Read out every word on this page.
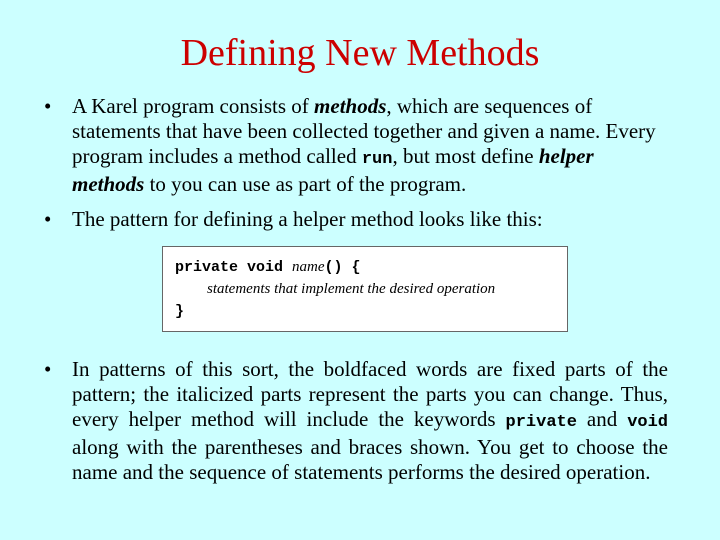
Defining New Methods
• A Karel program consists of methods, which are sequences of statements that have been collected together and given a name. Every program includes a method called run, but most define helper methods to you can use as part of the program.
• The pattern for defining a helper method looks like this:
private void name() {
statements that implement the desired operation
}
• In patterns of this sort, the boldfaced words are fixed parts of the pattern; the italicized parts represent the parts you can change. Thus, every helper method will include the keywords private and void along with the parentheses and braces shown. You get to choose the name and the sequence of statements performs the desired operation.
